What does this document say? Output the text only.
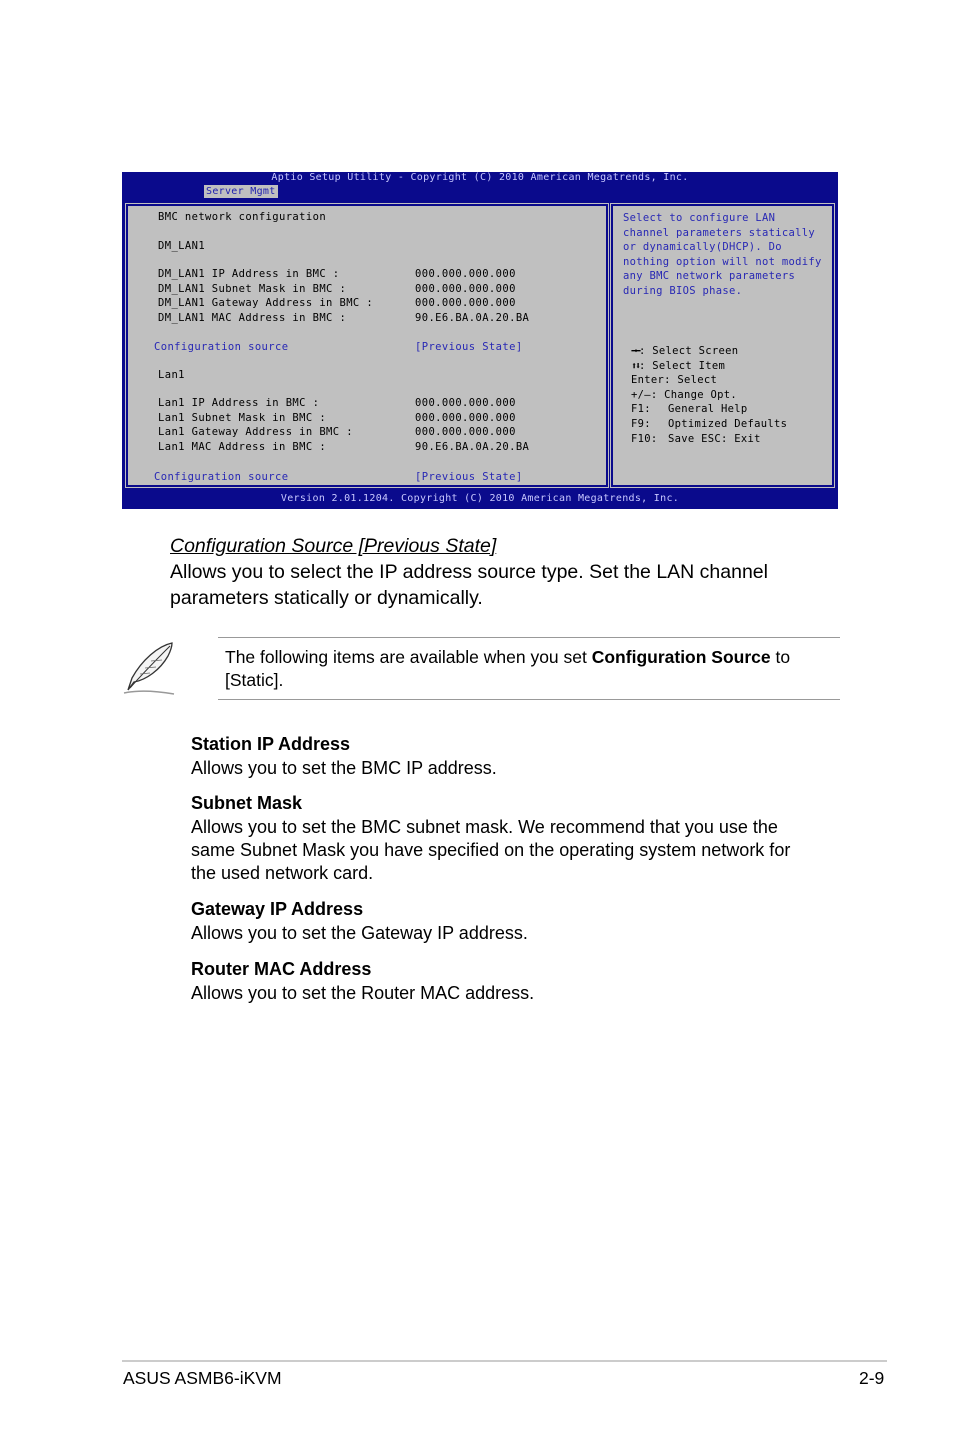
Aptio Setup Utility - Copyright (C) 2010 American Megatrends, Inc.
Server Mgmt
BMC network configuration
DM_LAN1
DM_LAN1 IP Address in BMC :	000.000.000.000
DM_LAN1 Subnet Mask in BMC :	000.000.000.000
DM_LAN1 Gateway Address in BMC :	000.000.000.000
DM_LAN1 MAC Address in BMC :	90.E6.BA.0A.20.BA
Configuration source	[Previous State]
Lan1
Lan1 IP Address in BMC :	000.000.000.000
Lan1 Subnet Mask in BMC :	000.000.000.000
Lan1 Gateway Address in BMC :	000.000.000.000
Lan1 MAC Address in BMC :	90.E6.BA.0A.20.BA
Configuration source	[Previous State]
Select to configure LAN channel parameters statically or dynamically(DHCP). Do nothing option will not modify any BMC network parameters during BIOS phase.
➡⬅: Select Screen
⬆⬇: Select Item
Enter: Select
+/—: Change Opt.
F1: General Help
F9: Optimized Defaults
F10: Save ESC: Exit
Version 2.01.1204. Copyright (C) 2010 American Megatrends, Inc.
Configuration Source [Previous State]
Allows you to select the IP address source type. Set the LAN channel
parameters statically or dynamically.
The following items are available when you set Configuration Source to [Static].
Station IP Address
Allows you to set the BMC IP address.
Subnet Mask
Allows you to set the BMC subnet mask. We recommend that you use the same Subnet Mask you have specified on the operating system network for the used network card.
Gateway IP Address
Allows you to set the Gateway IP address.
Router MAC Address
Allows you to set the Router MAC address.
ASUS ASMB6-iKVM	2-9
